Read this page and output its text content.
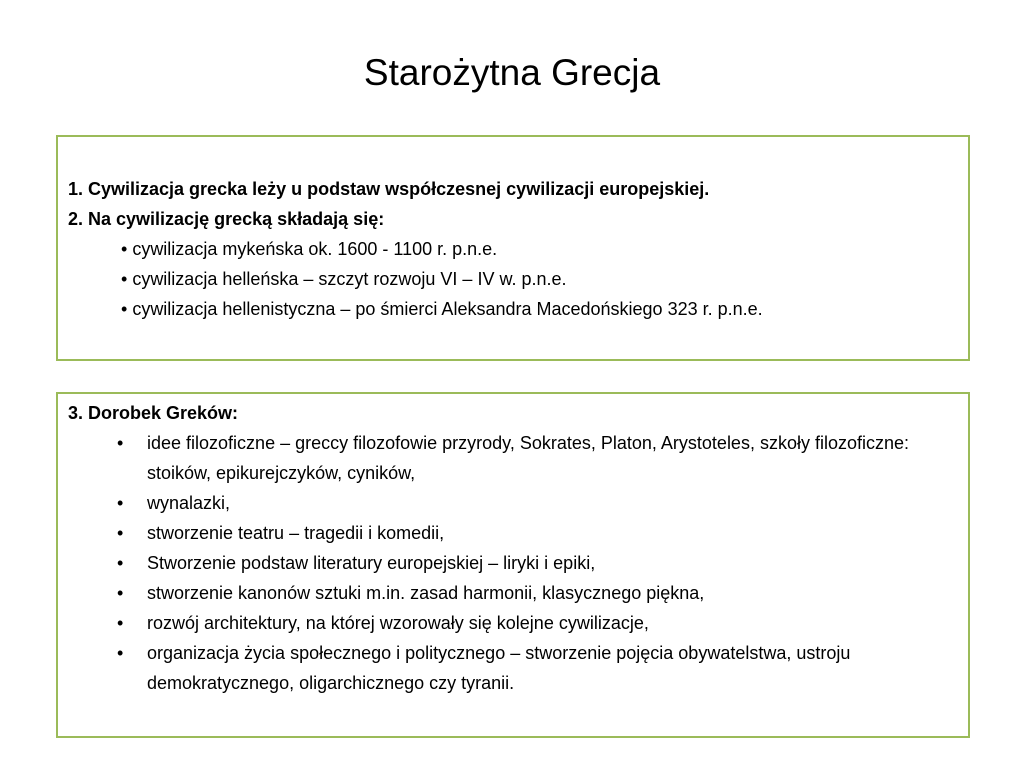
Starożytna Grecja
1. Cywilizacja grecka leży u podstaw współczesnej cywilizacji europejskiej.
2. Na cywilizację grecką składają się:
• cywilizacja mykeńska ok. 1600 - 1100 r. p.n.e.
• cywilizacja helleńska – szczyt rozwoju VI – IV w. p.n.e.
• cywilizacja hellenistyczna – po śmierci Aleksandra Macedońskiego 323 r. p.n.e.
3. Dorobek Greków:
• idee filozoficzne – greccy filozofowie przyrody, Sokrates, Platon, Arystoteles, szkoły filozoficzne: stoików, epikurejczyków, cyników,
• wynalazki,
• stworzenie teatru – tragedii i komedii,
• Stworzenie podstaw literatury europejskiej – liryki i epiki,
• stworzenie kanonów sztuki m.in. zasad harmonii, klasycznego piękna,
• rozwój architektury, na której wzorowały się kolejne cywilizacje,
• organizacja życia społecznego i politycznego – stworzenie pojęcia obywatelstwa, ustroju demokratycznego, oligarchicznego czy tyranii.
